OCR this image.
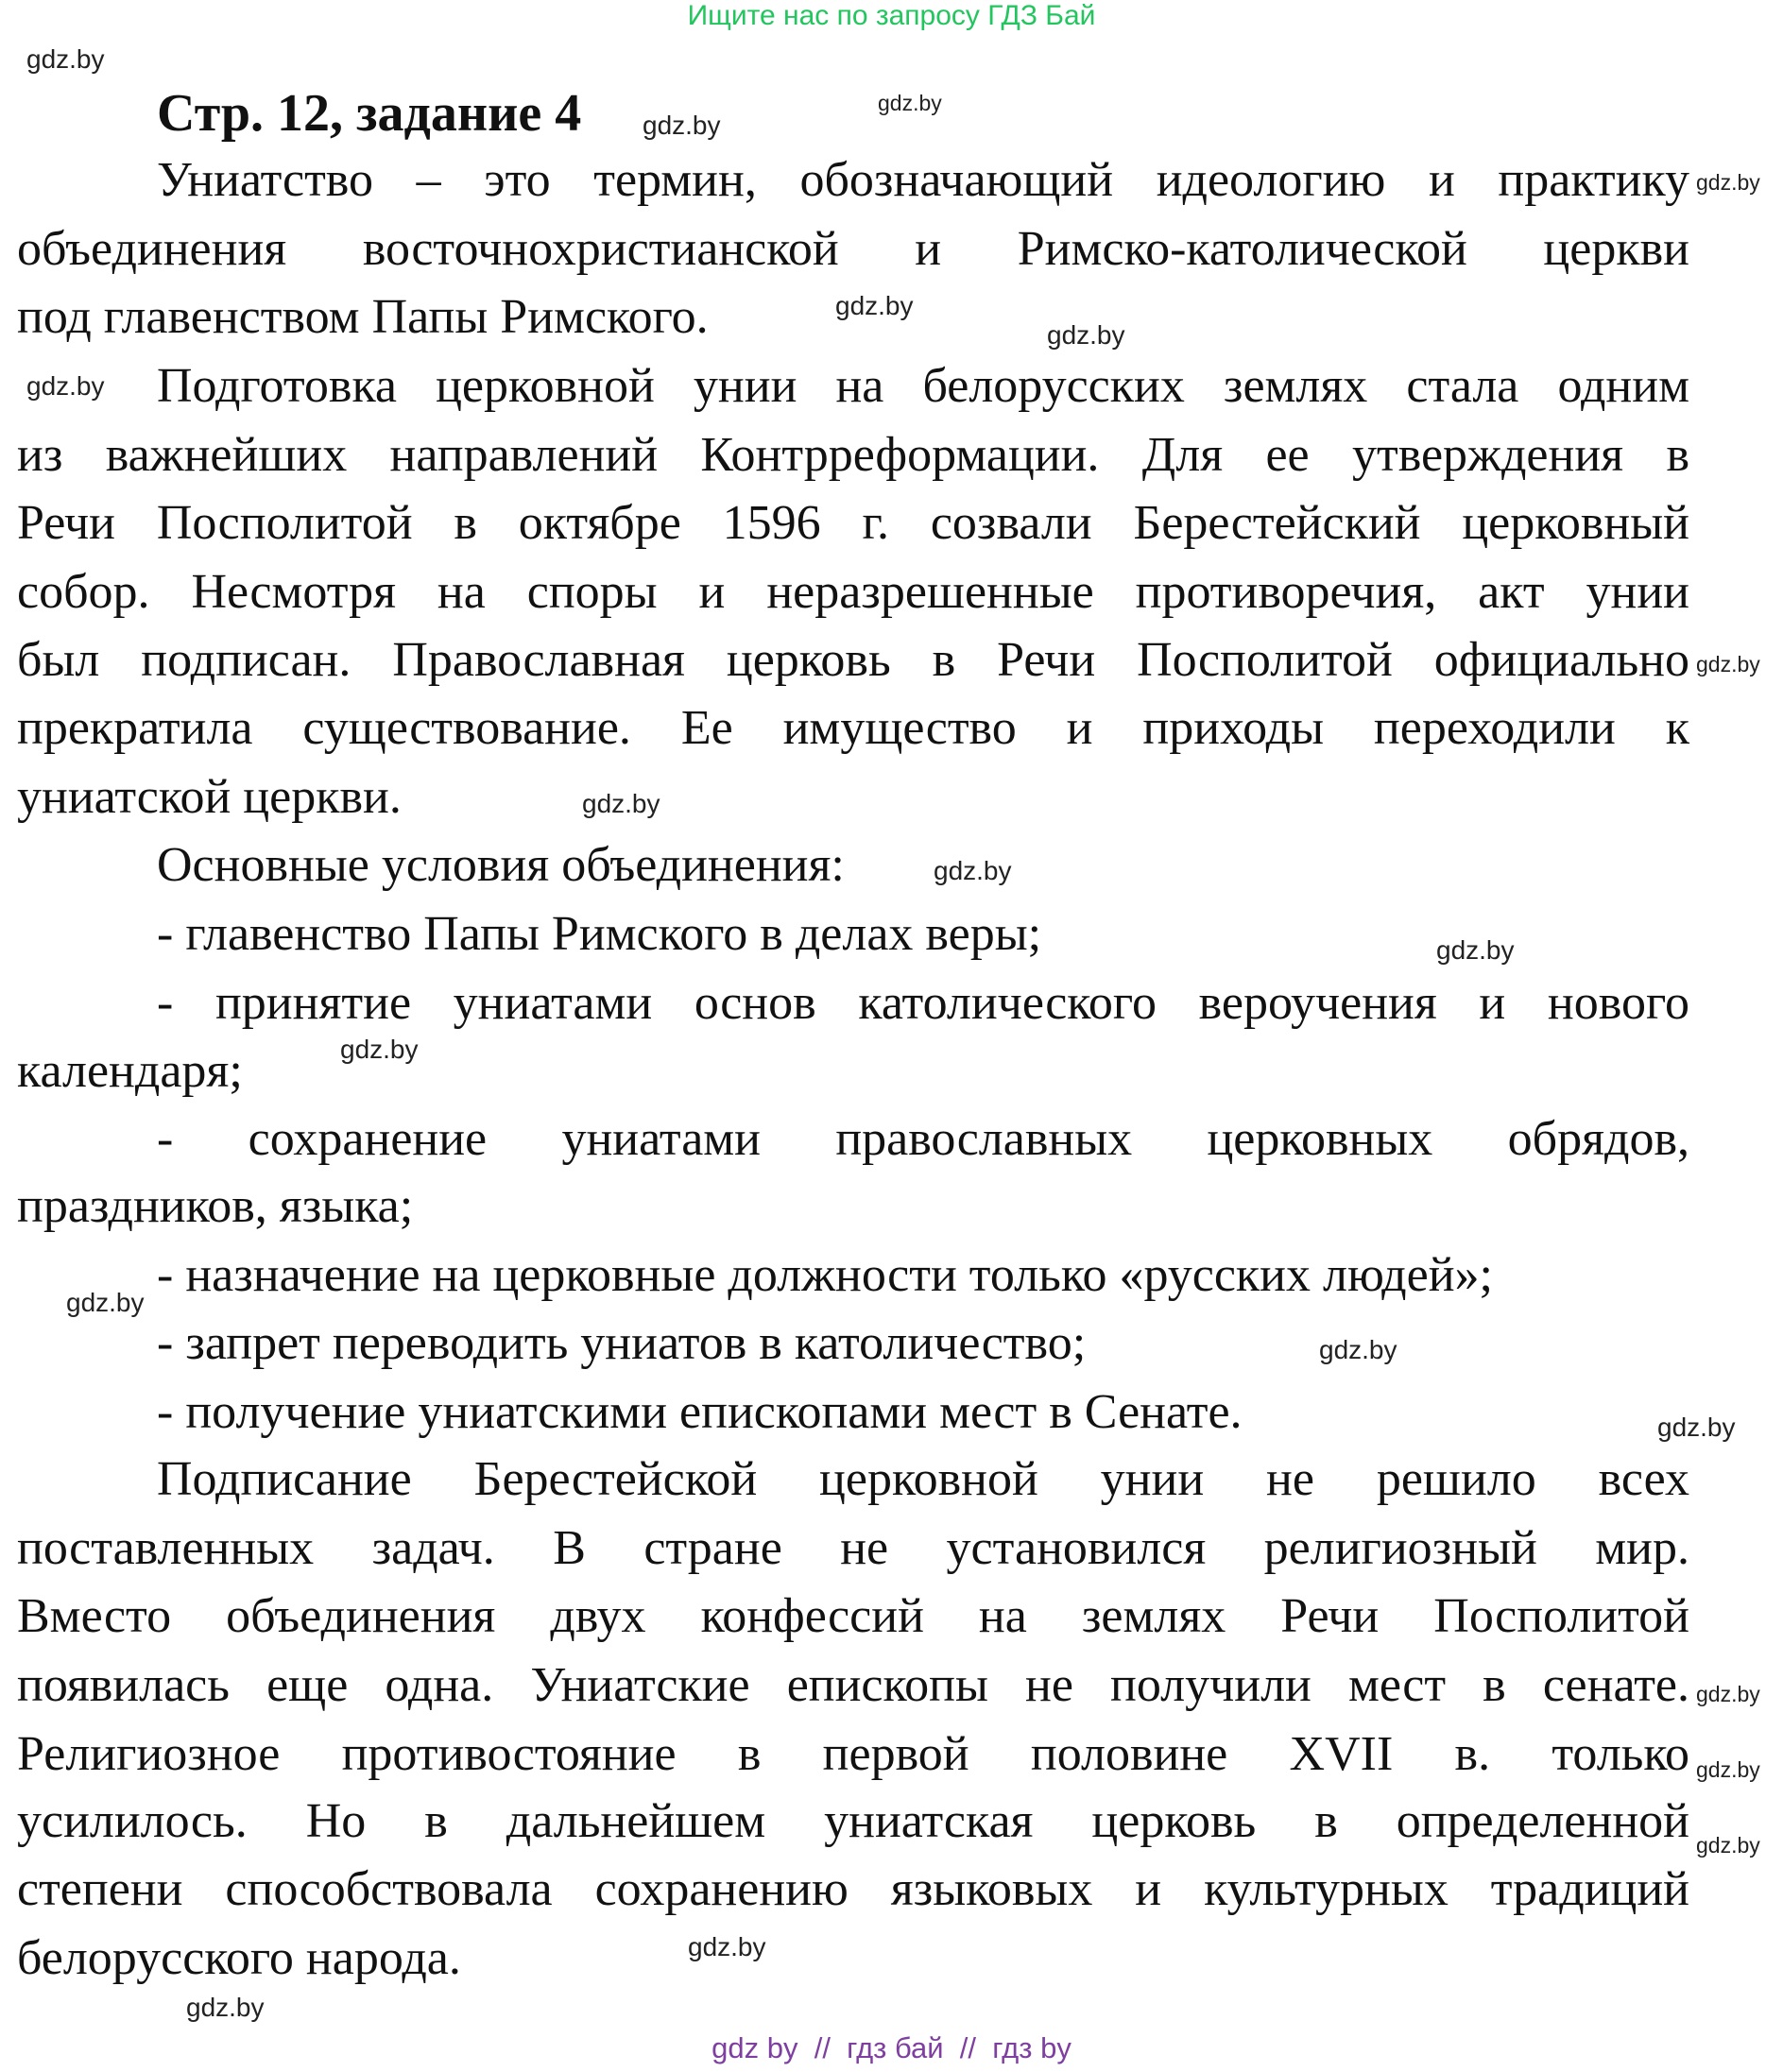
Ищите нас по запросу ГДЗ Бай
Стр. 12, задание 4
Униатство – это термин, обозначающий идеологию и практику
объединения восточнохристианской и Римско-католической церкви
под главенством Папы Римского.
Подготовка церковной унии на белорусских землях стала одним
из важнейших направлений Контрреформации. Для ее утверждения в
Речи Посполитой в октябре 1596 г. созвали Берестейский церковный
собор. Несмотря на споры и неразрешенные противоречия, акт унии
был подписан. Православная церковь в Речи Посполитой официально
прекратила существование. Ее имущество и приходы переходили к
униатской церкви.
Основные условия объединения:
- главенство Папы Римского в делах веры;
- принятие униатами основ католического вероучения и нового
календаря;
- сохранение униатами православных церковных обрядов,
праздников, языка;
- назначение на церковные должности только «русских людей»;
- запрет переводить униатов в католичество;
- получение униатскими епископами мест в Сенате.
Подписание Берестейской церковной унии не решило всех
поставленных задач. В стране не установился религиозный мир.
Вместо объединения двух конфессий на землях Речи Посполитой
появилась еще одна. Униатские епископы не получили мест в сенате.
Религиозное противостояние в первой половине XVII в. только
усилилось. Но в дальнейшем униатская церковь в определенной
степени способствовала сохранению языковых и культурных традиций
белорусского народа.
gdz.by
gdz.by
gdz.by
gdz.by
gdz.by
gdz.by
gdz.by
gdz.by
gdz.by
gdz.by
gdz.by
gdz.by
gdz.by
gdz.by
gdz.by
gdz.by
gdz.by
gdz.by
gdz.by
gdz.by
gdz by  //  гдз бай  //  гдз by
